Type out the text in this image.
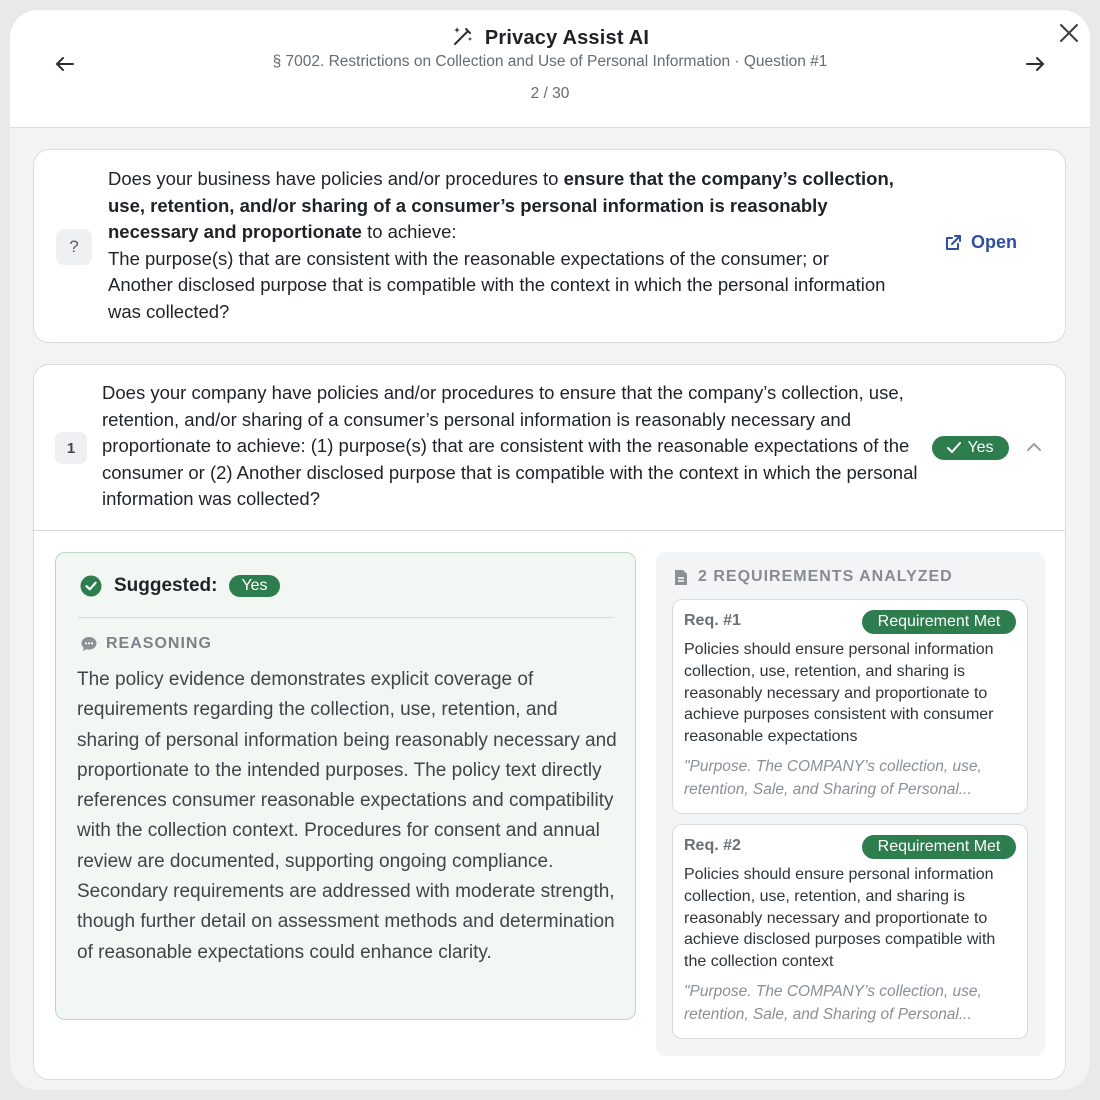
Privacy Assist AI
§ 7002. Restrictions on Collection and Use of Personal Information · Question #1
2 / 30
?
Does your business have policies and/or procedures to ensure that the company’s collection, use, retention, and/or sharing of a consumer’s personal information is reasonably necessary and proportionate to achieve:
The purpose(s) that are consistent with the reasonable expectations of the consumer; or
Another disclosed purpose that is compatible with the context in which the personal information was collected?
Open
1
Does your company have policies and/or procedures to ensure that the company’s collection, use, retention, and/or sharing of a consumer’s personal information is reasonably necessary and proportionate to achieve: (1) purpose(s) that are consistent with the reasonable expectations of the consumer or (2) Another disclosed purpose that is compatible with the context in which the personal information was collected?
Yes
Suggested:	Yes
REASONING
The policy evidence demonstrates explicit coverage of requirements regarding the collection, use, retention, and sharing of personal information being reasonably necessary and proportionate to the intended purposes. The policy text directly references consumer reasonable expectations and compatibility with the collection context. Procedures for consent and annual review are documented, supporting ongoing compliance. Secondary requirements are addressed with moderate strength, though further detail on assessment methods and determination of reasonable expectations could enhance clarity.
2 REQUIREMENTS ANALYZED
Req. #1	Requirement Met
Policies should ensure personal information collection, use, retention, and sharing is reasonably necessary and proportionate to achieve purposes consistent with consumer reasonable expectations
"Purpose. The COMPANY’s collection, use, retention, Sale, and Sharing of Personal...
Req. #2	Requirement Met
Policies should ensure personal information collection, use, retention, and sharing is reasonably necessary and proportionate to achieve disclosed purposes compatible with the collection context
"Purpose. The COMPANY’s collection, use, retention, Sale, and Sharing of Personal...
